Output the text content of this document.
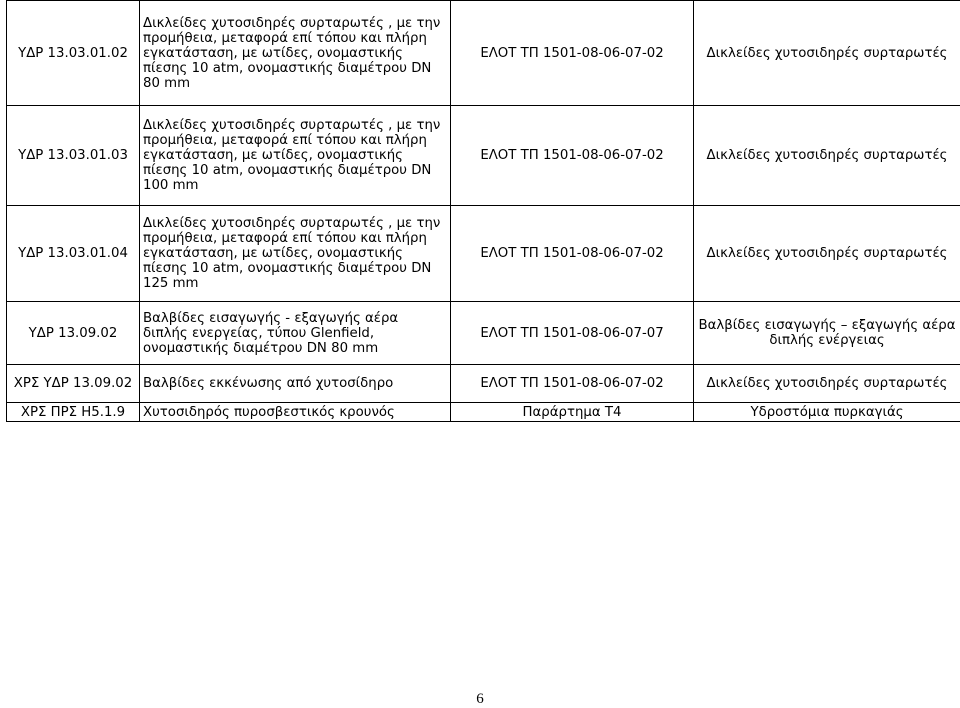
ΥΔΡ 13.03.01.02	Δικλείδες χυτοσιδηρές συρταρωτές , με την προμήθεια, μεταφορά επί τόπου και πλήρη εγκατάσταση, με ωτίδες, ονομαστικής πίεσης 10 atm, ονομαστικής διαμέτρου DN 80 mm	ΕΛΟΤ ΤΠ 1501-08-06-07-02	Δικλείδες χυτοσιδηρές συρταρωτές
ΥΔΡ 13.03.01.03	Δικλείδες χυτοσιδηρές συρταρωτές , με την προμήθεια, μεταφορά επί τόπου και πλήρη εγκατάσταση, με ωτίδες, ονομαστικής πίεσης 10 atm, ονομαστικής διαμέτρου DN 100 mm	ΕΛΟΤ ΤΠ 1501-08-06-07-02	Δικλείδες χυτοσιδηρές συρταρωτές
ΥΔΡ 13.03.01.04	Δικλείδες χυτοσιδηρές συρταρωτές , με την προμήθεια, μεταφορά επί τόπου και πλήρη εγκατάσταση, με ωτίδες, ονομαστικής πίεσης 10 atm, ονομαστικής διαμέτρου DN 125 mm	ΕΛΟΤ ΤΠ 1501-08-06-07-02	Δικλείδες χυτοσιδηρές συρταρωτές
ΥΔΡ 13.09.02	Βαλβίδες εισαγωγής - εξαγωγής αέρα διπλής ενεργείας, τύπου Glenfield, ονομαστικής διαμέτρου DN 80 mm	ΕΛΟΤ ΤΠ 1501-08-06-07-07	Βαλβίδες εισαγωγής – εξαγωγής αέρα διπλής ενέργειας
ΧΡΣ ΥΔΡ 13.09.02	Βαλβίδες εκκένωσης από χυτοσίδηρο	ΕΛΟΤ ΤΠ 1501-08-06-07-02	Δικλείδες χυτοσιδηρές συρταρωτές
ΧΡΣ ΠΡΣ Η5.1.9	Χυτοσιδηρός πυροσβεστικός κρουνός	Παράρτημα Τ4	Υδροστόμια πυρκαγιάς
6
